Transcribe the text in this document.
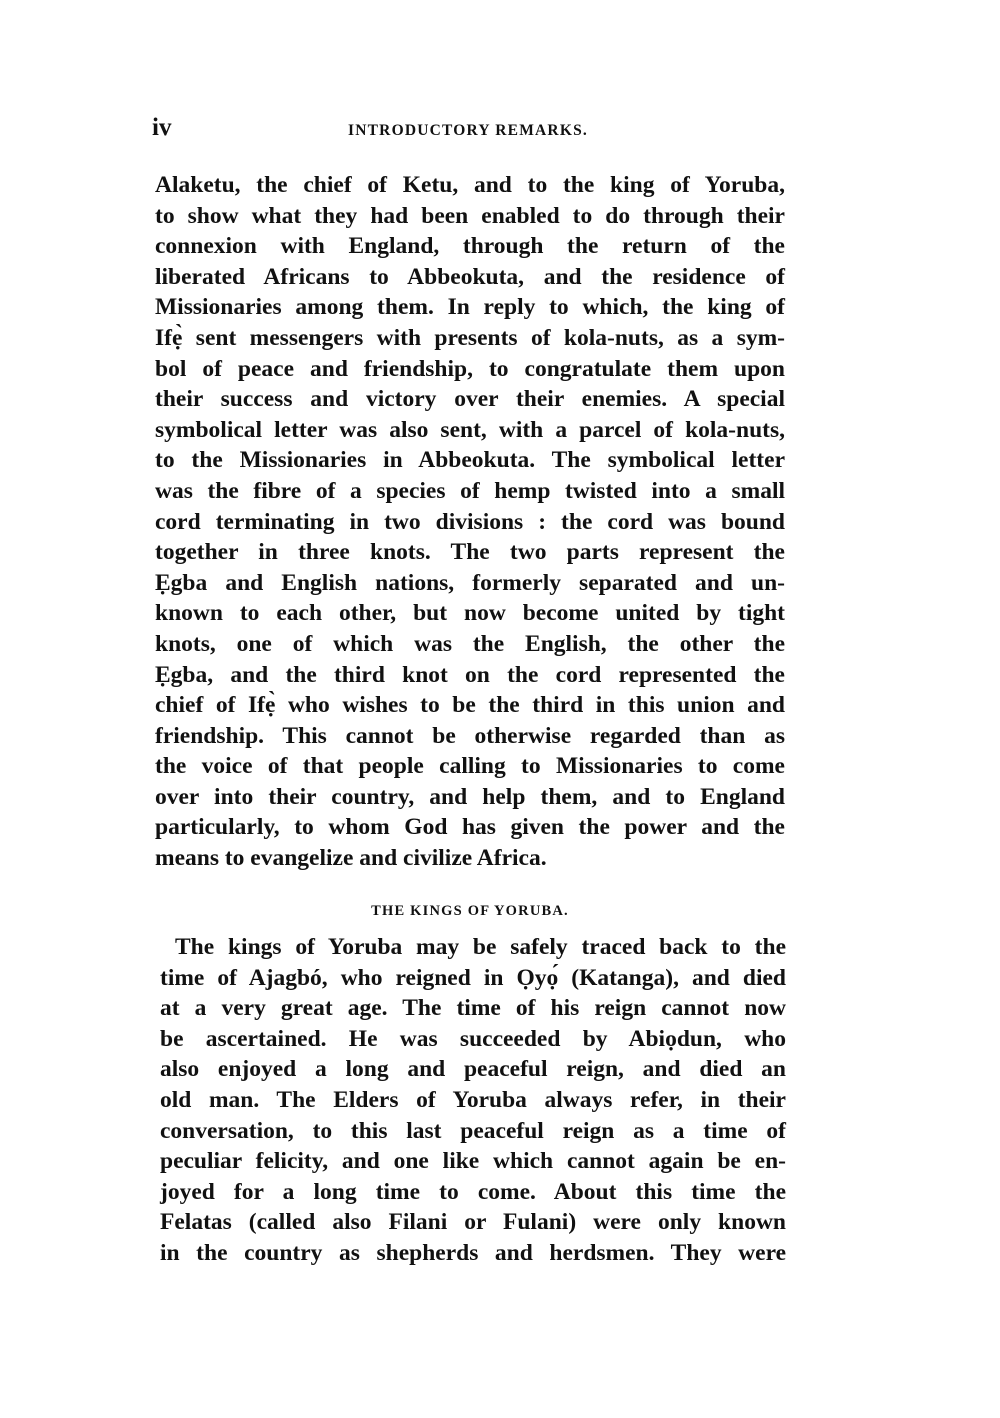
iv	INTRODUCTORY REMARKS.
Alaketu, the chief of Ketu, and to the king of Yoruba,
to show what they had been enabled to do through their
connexion with England, through the return of the
liberated Africans to Abbeokuta, and the residence of
Missionaries among them. In reply to which, the king of
Ifẹ̀ sent messengers with presents of kola-nuts, as a sym-
bol of peace and friendship, to congratulate them upon
their success and victory over their enemies. A special
symbolical letter was also sent, with a parcel of kola-nuts,
to the Missionaries in Abbeokuta. The symbolical letter
was the fibre of a species of hemp twisted into a small
cord terminating in two divisions : the cord was bound
together in three knots. The two parts represent the
Ẹgba and English nations, formerly separated and un-
known to each other, but now become united by tight
knots, one of which was the English, the other the
Ẹgba, and the third knot on the cord represented the
chief of Ifẹ̀ who wishes to be the third in this union and
friendship. This cannot be otherwise regarded than as
the voice of that people calling to Missionaries to come
over into their country, and help them, and to England
particularly, to whom God has given the power and the
means to evangelize and civilize Africa.
THE KINGS OF YORUBA.
The kings of Yoruba may be safely traced back to the
time of Ajagbó, who reigned in Ọyọ́ (Katanga), and died
at a very great age. The time of his reign cannot now
be ascertained. He was succeeded by Abiọdun, who
also enjoyed a long and peaceful reign, and died an
old man. The Elders of Yoruba always refer, in their
conversation, to this last peaceful reign as a time of
peculiar felicity, and one like which cannot again be en-
joyed for a long time to come. About this time the
Felatas (called also Filani or Fulani) were only known
in the country as shepherds and herdsmen. They were
